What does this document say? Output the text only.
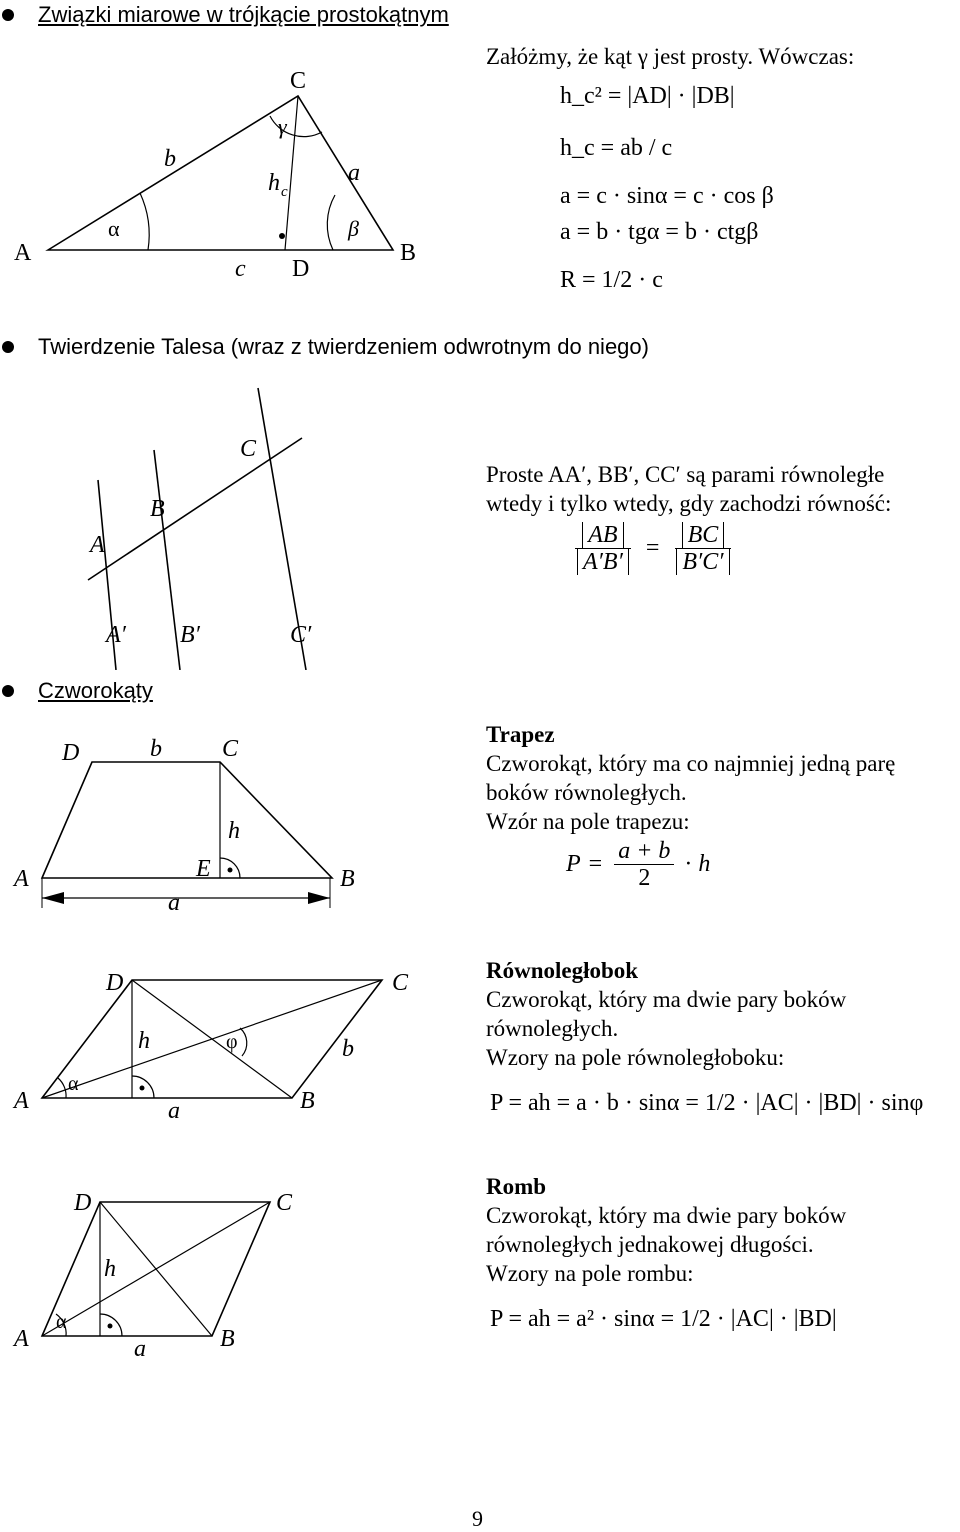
Związki miarowe w trójkącie prostokątnym
A	B
C
D
c
a
b
h c
α	β
γ
Załóżmy, że kąt γ jest prosty. Wówczas:
h_c² = |AD| · |DB|
h_c = ab / c
a = c · sinα = c · cos β
a = b · tgα = b · ctgβ
R = 1/2 · c
Twierdzenie Talesa (wraz z twierdzeniem odwrotnym do niego)
A
B
C
A′ B′	C′
Proste AA′, BB′, CC′ są parami równoległe
wtedy i tylko wtedy, gdy zachodzi równość:
$\frac{AB}{A'B'} = \frac{BC}{B'C'}$
Czworokąty
A	B
C
D
E
a
b
h
Trapez
Czworokąt, który ma co najmniej jedną parę
boków równoległych.
Wzór na pole trapezu:
$P = \frac{a + b}{2} \cdot h$
A	B
C
D
a
b
h
α
φ
Równoległobok
Czworokąt, który ma dwie pary boków
równoległych.
Wzory na pole równoległoboku:
P = ah = a · b · sinα = 1/2 · |AC| · |BD| · sinφ
A	B
C
D
a
h
α
Romb
Czworokąt, który ma dwie pary boków
równoległych jednakowej długości.
Wzory na pole rombu:
P = ah = a² · sinα = 1/2 · |AC| · |BD|
9
